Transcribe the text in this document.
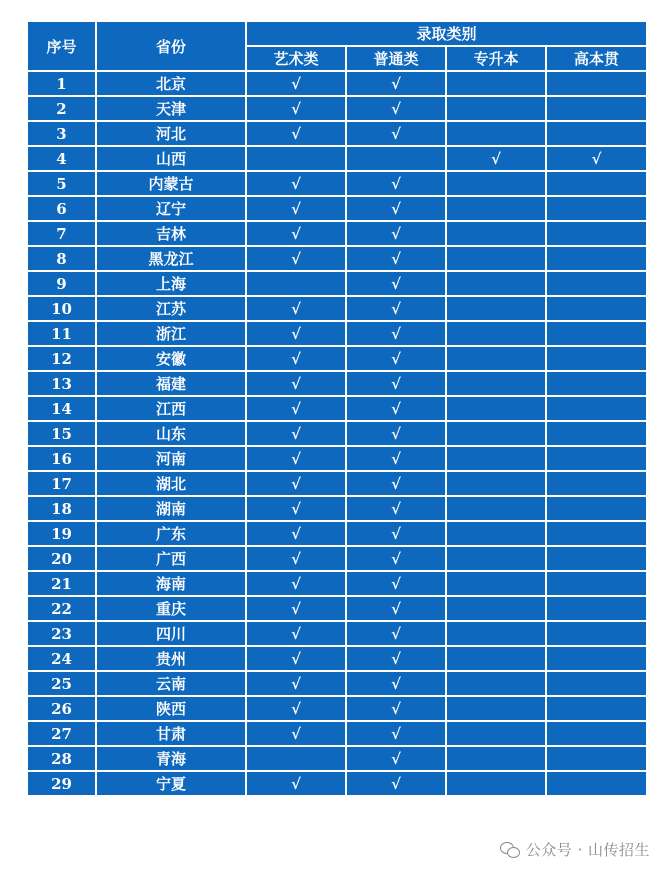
序号	省份	录取类别			
		艺术类	普通类	专升本	高本贯
1	北京	√	√		
2	天津	√	√		
3	河北	√	√		
4	山西			√	√
5	内蒙古	√	√		
6	辽宁	√	√		
7	吉林	√	√		
8	黑龙江	√	√		
9	上海		√		
10	江苏	√	√		
11	浙江	√	√		
12	安徽	√	√		
13	福建	√	√		
14	江西	√	√		
15	山东	√	√		
16	河南	√	√		
17	湖北	√	√		
18	湖南	√	√		
19	广东	√	√		
20	广西	√	√		
21	海南	√	√		
22	重庆	√	√		
23	四川	√	√		
24	贵州	√	√		
25	云南	√	√		
26	陕西	√	√		
27	甘肃	√	√		
28	青海		√		
29	宁夏	√	√		
公众号 · 山传招生
